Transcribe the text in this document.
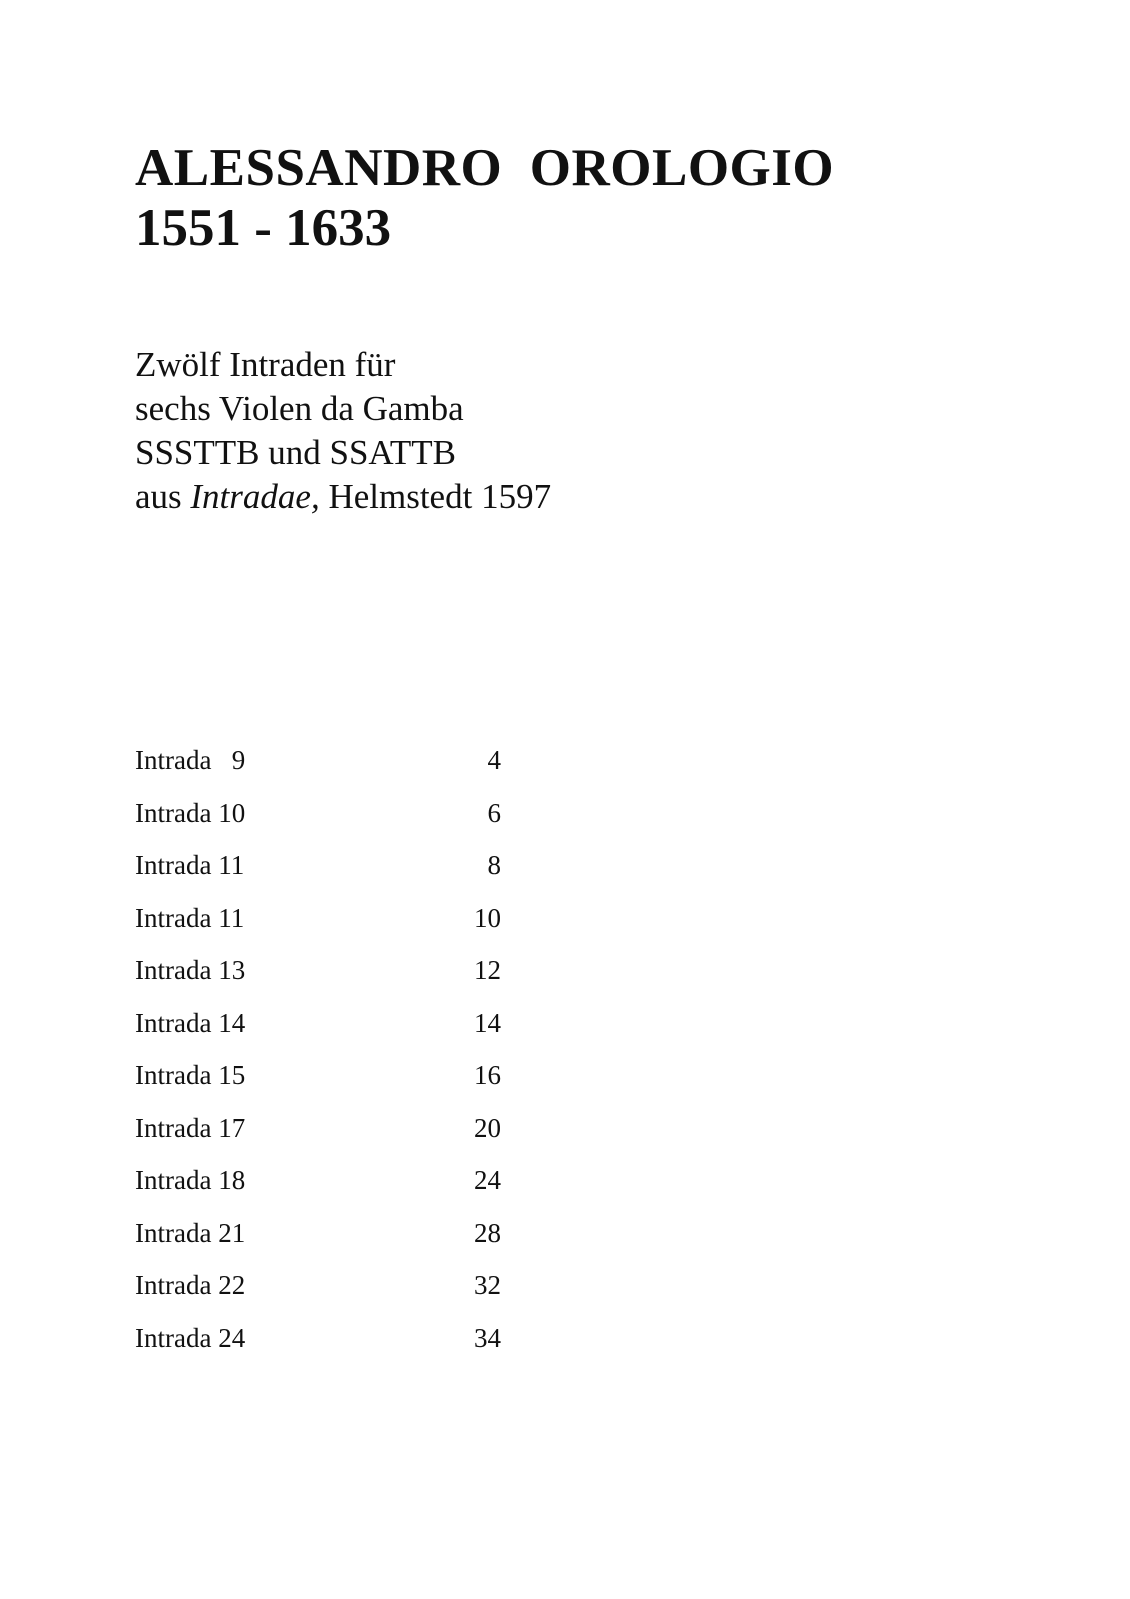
ALESSANDRO  OROLOGIO
1551 - 1633
Zwölf Intraden für
sechs Violen da Gamba
SSSTTB und SSATTB
aus Intradae, Helmstedt 1597
Intrada   9	4
Intrada 10	6
Intrada 11	8
Intrada 11	10
Intrada 13	12
Intrada 14	14
Intrada 15	16
Intrada 17	20
Intrada 18	24
Intrada 21	28
Intrada 22	32
Intrada 24	34
